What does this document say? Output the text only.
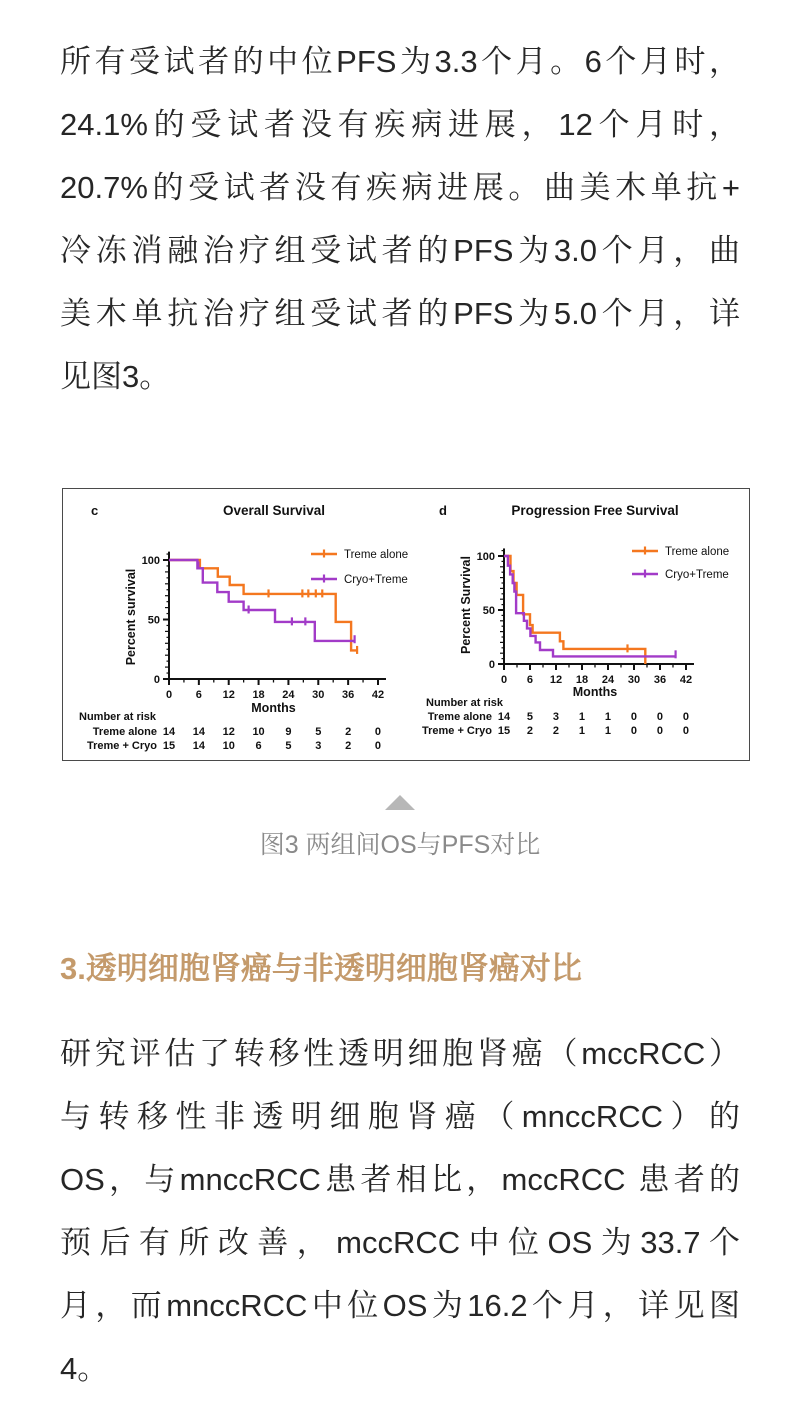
所有受试者的中位PFS为3.3个月。6个月时，
24.1%的受试者没有疾病进展，12个月时，
20.7%的受试者没有疾病进展。曲美木单抗+
冷冻消融治疗组受试者的PFS为3.0个月，曲
美木单抗治疗组受试者的PFS为5.0个月，详
见图3。
0 6 12 18 24 30 36 42
0
50
100	Treme alone
Cryo+Treme
c	Overall Survival
Months
Percent survival
Number at risk
Treme alone 14 14 12 10 9 5 2 0
Treme + Cryo 15 14 10 6 5 3 2 0
0 6 12 18 24 30 36 42
0
50
100	Treme alone
Cryo+Treme
d	Progression Free Survival
Months
Percent Survival
Number at risk
Treme alone 14 5 3 1 1 0 0 0
Treme + Cryo 15 2 2 1 1 0 0 0
图3 两组间OS与PFS对比
3.透明细胞肾癌与非透明细胞肾癌对比
研究评估了转移性透明细胞肾癌（mccRCC）
与转移性非透明细胞肾癌（mnccRCC）的
OS，与mnccRCC患者相比，mccRCC 患者的
预后有所改善，mccRCC中位OS为33.7个
月，而mnccRCC中位OS为16.2个月，详见图
4。
